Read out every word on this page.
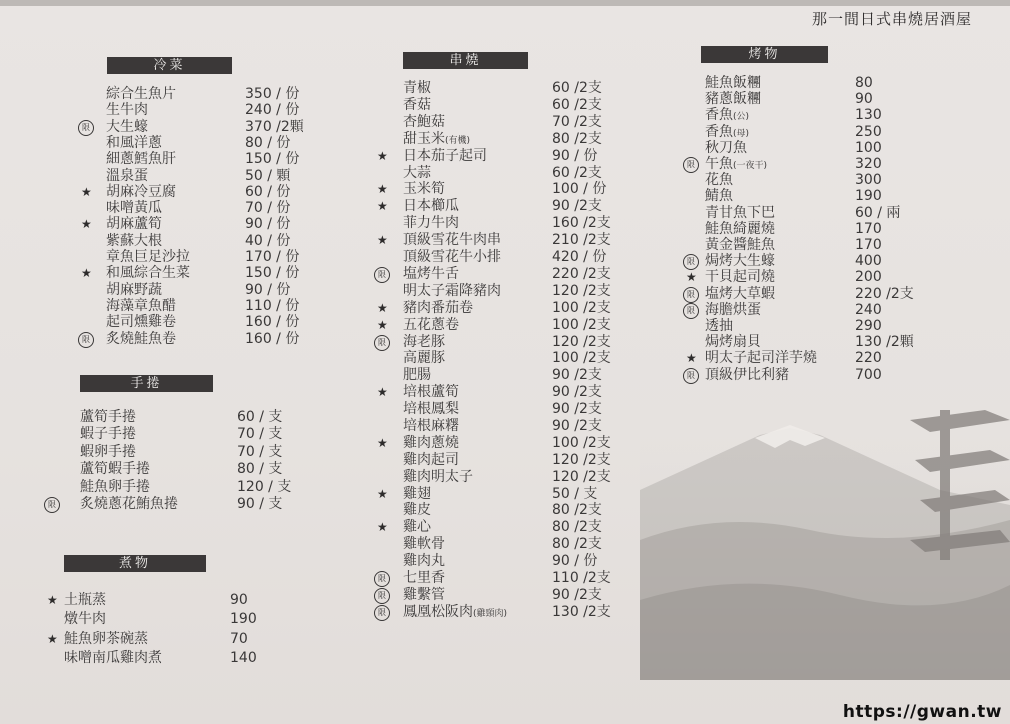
那一間日式串燒居酒屋
冷菜
綜合生魚片	350 / 份
生牛肉	240 / 份
限 大生蠔	370 /2顆
和風洋蔥	80 / 份
細蔥鱈魚肝	150 / 份
溫泉蛋	50 / 顆
★ 胡麻冷豆腐	60 / 份
味噌黃瓜	70 / 份
★ 胡麻蘆筍	90 / 份
紫蘇大根	40 / 份
章魚巨足沙拉	170 / 份
★ 和風綜合生菜	150 / 份
胡麻野蔬	90 / 份
海藻章魚醋	110 / 份
起司燻雞卷	160 / 份
限 炙燒鮭魚卷	160 / 份
手捲
蘆筍手捲	60 / 支
蝦子手捲	70 / 支
蝦卵手捲	70 / 支
蘆筍蝦手捲	80 / 支
鮭魚卵手捲	120 / 支
限 炙燒蔥花鮪魚捲	90 / 支
煮物
★ 土瓶蒸	90
燉牛肉	190
★ 鮭魚卵茶碗蒸	70
味噌南瓜雞肉煮	140
串燒
青椒	60 /2支
香菇	60 /2支
杏鮑菇	70 /2支
甜玉米(有機)	80 /2支
★ 日本茄子起司	90 / 份
大蒜	60 /2支
★ 玉米筍	100 / 份
★ 日本櫛瓜	90 /2支
菲力牛肉	160 /2支
★ 頂級雪花牛肉串	210 /2支
頂級雪花牛小排	420 / 份
限 塩烤牛舌	220 /2支
明太子霜降豬肉	120 /2支
★ 豬肉番茄卷	100 /2支
★ 五花蔥卷	100 /2支
限 海老豚	120 /2支
高麗豚	100 /2支
肥腸	90 /2支
★ 培根蘆筍	90 /2支
培根鳳梨	90 /2支
培根麻糬	90 /2支
★ 雞肉蔥燒	100 /2支
雞肉起司	120 /2支
雞肉明太子	120 /2支
★ 雞翅	50 / 支
雞皮	80 /2支
★ 雞心	80 /2支
雞軟骨	80 /2支
雞肉丸	90 / 份
限 七里香	110 /2支
限 雞繫管	90 /2支
限 鳳凰松阪肉(雞頸肉)	130 /2支
烤物
鮭魚飯糰	80
豬蔥飯糰	90
香魚(公)	130
香魚(母)	250
秋刀魚	100
限 午魚(一夜干)	320
花魚	300
鯖魚	190
青甘魚下巴	60 / 兩
鮭魚綺麗燒	170
黃金醬鮭魚	170
限 焗烤大生蠔	400
★ 干貝起司燒	200
限 塩烤大草蝦	220 /2支
限 海膽烘蛋	240
透抽	290
焗烤扇貝	130 /2顆
★ 明太子起司洋芋燒	220
限 頂級伊比利豬	700
https://gwan.tw
